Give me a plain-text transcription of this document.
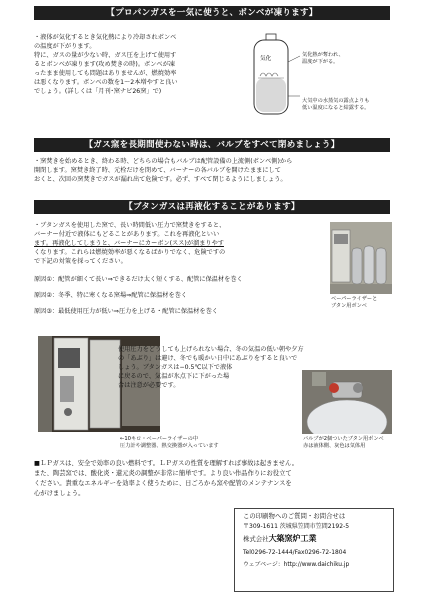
【プロパンガスを一気に使うと、ボンベが凍ります】
・液体が気化するとき気化熱により冷却されボンベ
の温度が下がります。
特に、ガスの量が少ない時、ガス圧を上げて使用す
るとボンベが凍ります(攻め焚きの時)。ボンベが凍
ったまま使用しても問題はありませんが、燃焼効率
は悪くなります。ボンベの数を1～2本増やすと良い
でしょう。(詳しくは「月刊･窯ナビ26窯」で)
気化
気化熱が奪われ、
温度が下がる。
大気中の水蒸気の露点よりも
低い温度になると結露する。
【ガス窯を長期間使わない時は、バルブをすべて閉めましょう】
・窯焚きを始めるとき、終わる時、どちらの場合もバルブは配管設備の上流側(ボンベ側)から
開閉します。窯焚き終了時、元栓だけを閉めて、バーナーの各バルブを開けたままにして
おくと、次回の窯焚きでガスが漏れ出て危険です。必ず、すべて閉じるようにしましょう。
【ブタンガスは再液化することがあります】
・ブタンガスを使用した窯で、長い時間低い圧力で窯焚きをすると、
バーナー付近で液体にもどることがあります。これを再液化といい
ます。再液化してしまうと、バーナーにカーボン(スス)が溜まりやす
くなります。これらは燃焼効率が悪くなるばかりでなく、危険ですの
で下記の対策を採ってください。
原因①：配管が細くて長い⇒できるだけ太く短くする、配管に保温材を巻く
原因②：冬季、特に寒くなる窯場⇒配管に保温材を巻く
原因③：最低使用圧力が低い⇒圧力を上げる・配管に保温材を巻く
ベーパーライザーと
ブタン用ボンベ
←10キロ・ベーパーライザーの中
圧力計や調整器、熱交換器が入っています
使用圧力をどうしても上げられない場合、冬の気温の低い朝や夕方
の「あぶり」は避け、冬でも暖かい日中にあぶりをすると良いで
しょう。ブタンガスは−0.5℃以下で液体
に戻るので、気温が氷点下に下がった場
合は注意が必要です。
バルブが2個ついたブタン用ボンベ
赤は液体側、灰色は気体用
■ＬＰガスは、安全で効率の良い燃料です。ＬＰガスの性質を理解すれば事故は起きません。
また、陶芸窯では、酸化炎・還元炎の調整が非常に簡単です。より良い作品作りにお役立て
ください。貴重なエネルギーを効率よく使うために、日ごろから窯や配管のメンテナンスを
心がけましょう。
この印刷物へのご質問・お問合せは
〒309-1611 茨城県笠間市笠間2192-5
株式会社大築窯炉工業
Tel0296-72-1444/Fax0296-72-1804
ウェブページ：http://www.daichiku.jp
